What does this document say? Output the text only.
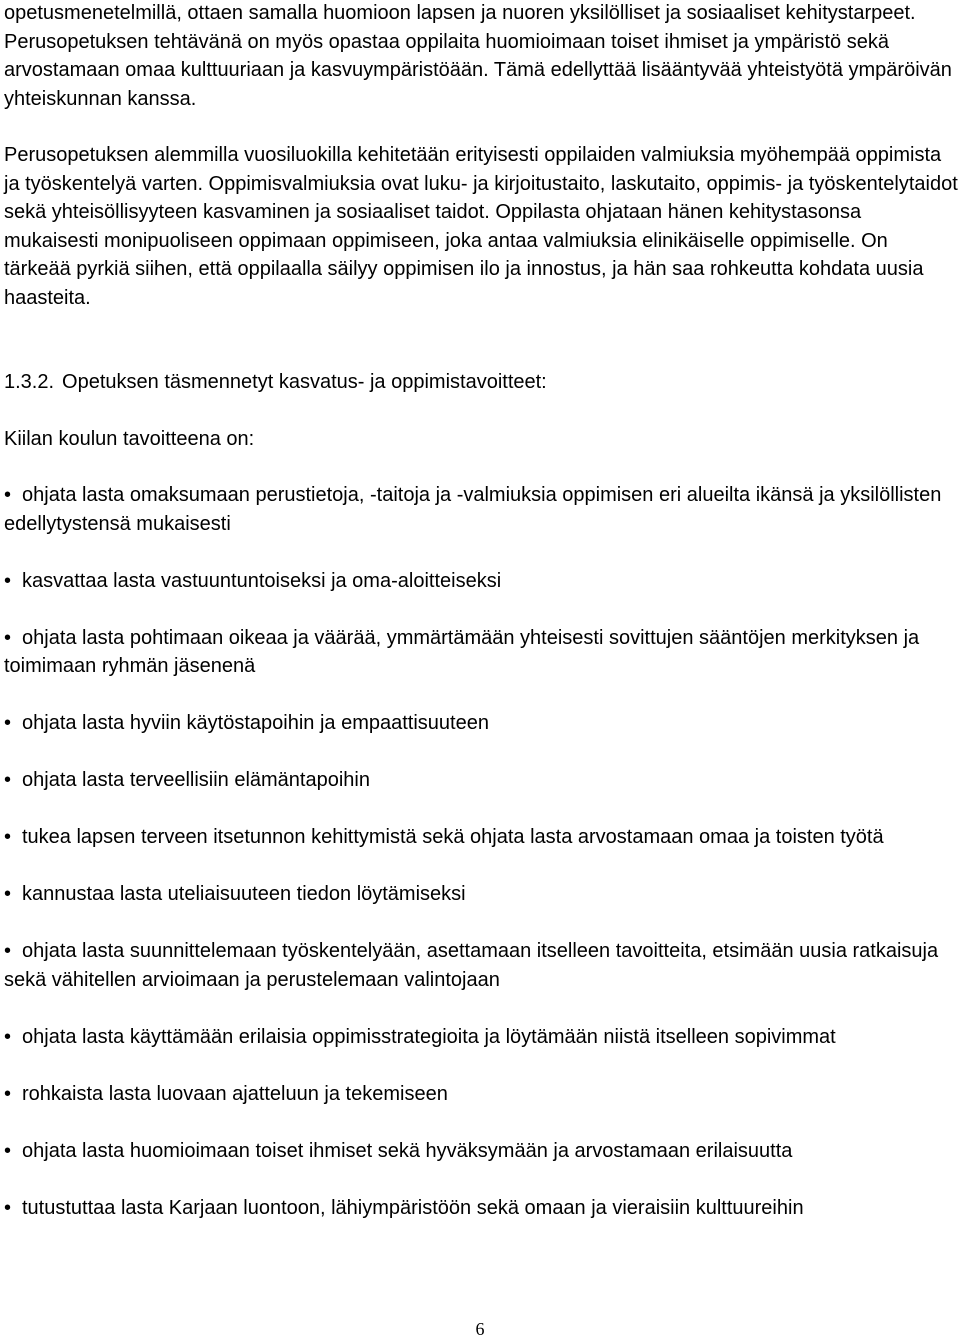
opetusmenetelmillä, ottaen samalla huomioon lapsen ja nuoren yksilölliset ja sosiaaliset kehitystarpeet. Perusopetuksen tehtävänä on myös opastaa oppilaita huomioimaan toiset ihmiset ja ympäristö sekä arvostamaan omaa kulttuuriaan ja kasvuympäristöään. Tämä edellyttää lisääntyvää yhteistyötä ympäröivän yhteiskunnan kanssa.

Perusopetuksen alemmilla vuosiluokilla kehitetään erityisesti oppilaiden valmiuksia myöhempää oppimista ja työskentelyä varten. Oppimisvalmiuksia ovat luku- ja kirjoitustaito, laskutaito, oppimis- ja työskentelytaidot sekä yhteisöllisyyteen kasvaminen ja sosiaaliset taidot. Oppilasta ohjataan hänen kehitystasonsa mukaisesti monipuoliseen oppimaan oppimiseen, joka antaa valmiuksia elinikäiselle oppimiselle. On tärkeää pyrkiä siihen, että oppilaalla säilyy oppimisen ilo ja innostus, ja hän saa rohkeutta kohdata uusia haasteita.

1.3.2. Opetuksen täsmennetyt kasvatus- ja oppimistavoitteet:

Kiilan koulun tavoitteena on:

• ohjata lasta omaksumaan perustietoja, -taitoja ja -valmiuksia oppimisen eri alueilta ikänsä ja yksilöllisten edellytystensä mukaisesti
• kasvattaa lasta vastuuntuntoiseksi ja oma-aloitteiseksi
• ohjata lasta pohtimaan oikeaa ja väärää, ymmärtämään yhteisesti sovittujen sääntöjen merkityksen ja toimimaan ryhmän jäsenenä
• ohjata lasta hyviin käytöstapoihin ja empaattisuuteen
• ohjata lasta terveellisiin elämäntapoihin
• tukea lapsen terveen itsetunnon kehittymistä sekä ohjata lasta arvostamaan omaa ja toisten työtä
• kannustaa lasta uteliaisuuteen tiedon löytämiseksi
• ohjata lasta suunnittelemaan työskentelyään, asettamaan itselleen tavoitteita, etsimään uusia ratkaisuja sekä vähitellen arvioimaan ja perustelemaan valintojaan
• ohjata lasta käyttämään erilaisia oppimisstrategioita ja löytämään niistä itselleen sopivimmat
• rohkaista lasta luovaan ajatteluun ja tekemiseen
• ohjata lasta huomioimaan toiset ihmiset sekä hyväksymään ja arvostamaan erilaisuutta
• tutustuttaa lasta Karjaan luontoon, lähiympäristöön sekä omaan ja vieraisiin kulttuureihin
6
